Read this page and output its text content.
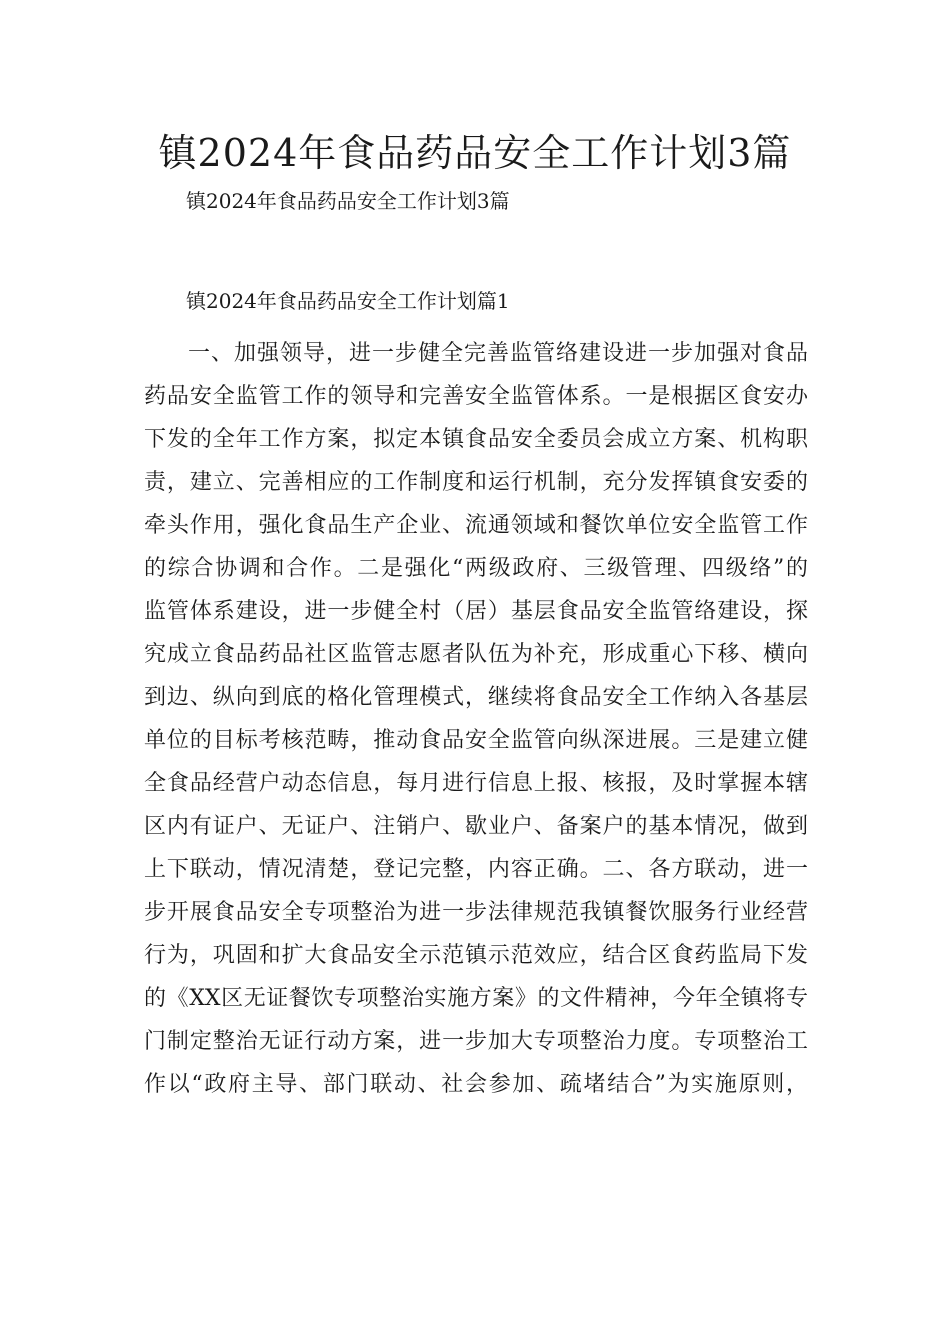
镇2024年食品药品安全工作计划3篇
镇2024年食品药品安全工作计划3篇
镇2024年食品药品安全工作计划篇1
一、加强领导，进一步健全完善监管络建设进一步加强对食品
药品安全监管工作的领导和完善安全监管体系。一是根据区食安办
下发的全年工作方案，拟定本镇食品安全委员会成立方案、机构职
责，建立、完善相应的工作制度和运行机制，充分发挥镇食安委的
牵头作用，强化食品生产企业、流通领域和餐饮单位安全监管工作
的综合协调和合作。二是强化“两级政府、三级管理、四级络”的
监管体系建设，进一步健全村（居）基层食品安全监管络建设，探
究成立食品药品社区监管志愿者队伍为补充，形成重心下移、横向
到边、纵向到底的格化管理模式，继续将食品安全工作纳入各基层
单位的目标考核范畴，推动食品安全监管向纵深进展。三是建立健
全食品经营户动态信息，每月进行信息上报、核报，及时掌握本辖
区内有证户、无证户、注销户、歇业户、备案户的基本情况，做到
上下联动，情况清楚，登记完整，内容正确。二、各方联动，进一
步开展食品安全专项整治为进一步法律规范我镇餐饮服务行业经营
行为，巩固和扩大食品安全示范镇示范效应，结合区食药监局下发
的《XX区无证餐饮专项整治实施方案》的文件精神，今年全镇将专
门制定整治无证行动方案，进一步加大专项整治力度。专项整治工
作以“政府主导、部门联动、社会参加、疏堵结合”为实施原则，
